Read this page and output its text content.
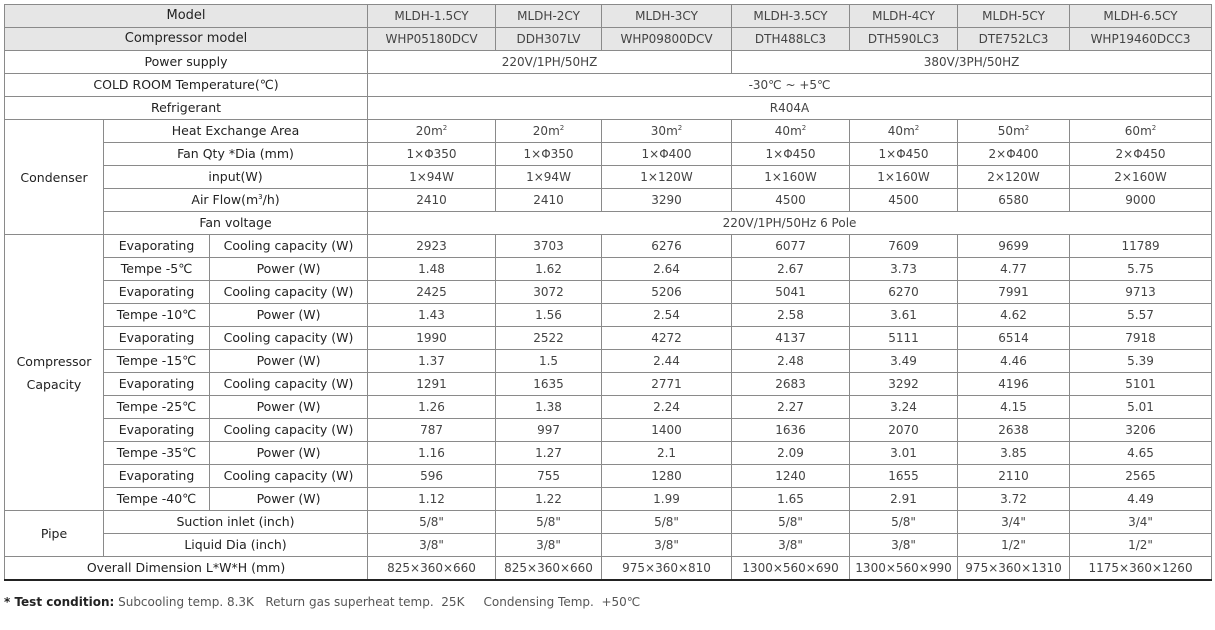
Model			MLDH-1.5CY	MLDH-2CY	MLDH-3CY	MLDH-3.5CY	MLDH-4CY	MLDH-5CY	MLDH-6.5CY
Compressor model			WHP05180DCV	DDH307LV	WHP09800DCV	DTH488LC3	DTH590LC3	DTE752LC3	WHP19460DCC3
Power supply			220V/1PH/50HZ			380V/3PH/50HZ			
COLD ROOM Temperature(℃)			-30℃ ~ +5℃						
Refrigerant			R404A						
Condenser	Heat Exchange Area		$20m^2$	$20m^2$	$30m^2$	$40m^2$	$40m^2$	$50m^2$	$60m^2$
	Fan Qty *Dia (mm)		1×Φ350	1×Φ350	1×Φ400	1×Φ450	1×Φ450	2×Φ400	2×Φ450
	input(W)		1×94W	1×94W	1×120W	1×160W	1×160W	2×120W	2×160W
	Air $Flow(m^3/h)$		2410	2410	3290	4500	4500	6580	9000
	Fan voltage		220V/1PH/50Hz 6 Pole						
Compressor Capacity	Evaporating	Cooling capacity (W)	2923	3703	6276	6077	7609	9699	11789
	Tempe -5℃	Power (W)	1.48	1.62	2.64	2.67	3.73	4.77	5.75
	Evaporating	Cooling capacity (W)	2425	3072	5206	5041	6270	7991	9713
	Tempe -10℃	Power (W)	1.43	1.56	2.54	2.58	3.61	4.62	5.57
	Evaporating	Cooling capacity (W)	1990	2522	4272	4137	5111	6514	7918
	Tempe -15℃	Power (W)	1.37	1.5	2.44	2.48	3.49	4.46	5.39
	Evaporating	Cooling capacity (W)	1291	1635	2771	2683	3292	4196	5101
	Tempe -25℃	Power (W)	1.26	1.38	2.24	2.27	3.24	4.15	5.01
	Evaporating	Cooling capacity (W)	787	997	1400	1636	2070	2638	3206
	Tempe -35℃	Power (W)	1.16	1.27	2.1	2.09	3.01	3.85	4.65
	Evaporating	Cooling capacity (W)	596	755	1280	1240	1655	2110	2565
	Tempe -40℃	Power (W)	1.12	1.22	1.99	1.65	2.91	3.72	4.49
Pipe	Suction inlet (inch)		5/8"	5/8"	5/8"	5/8"	5/8"	3/4"	3/4"
	Liquid Dia (inch)		3/8"	3/8"	3/8"	3/8"	3/8"	1/2"	1/2"
Overall Dimension L*W*H (mm)			825×360×660	825×360×660	975×360×810	1300×560×690	1300×560×990	975×360×1310	1175×360×1260
* Test condition: Subcooling temp. 8.3K   Return gas superheat temp.  25K     Condensing Temp.  +50℃
